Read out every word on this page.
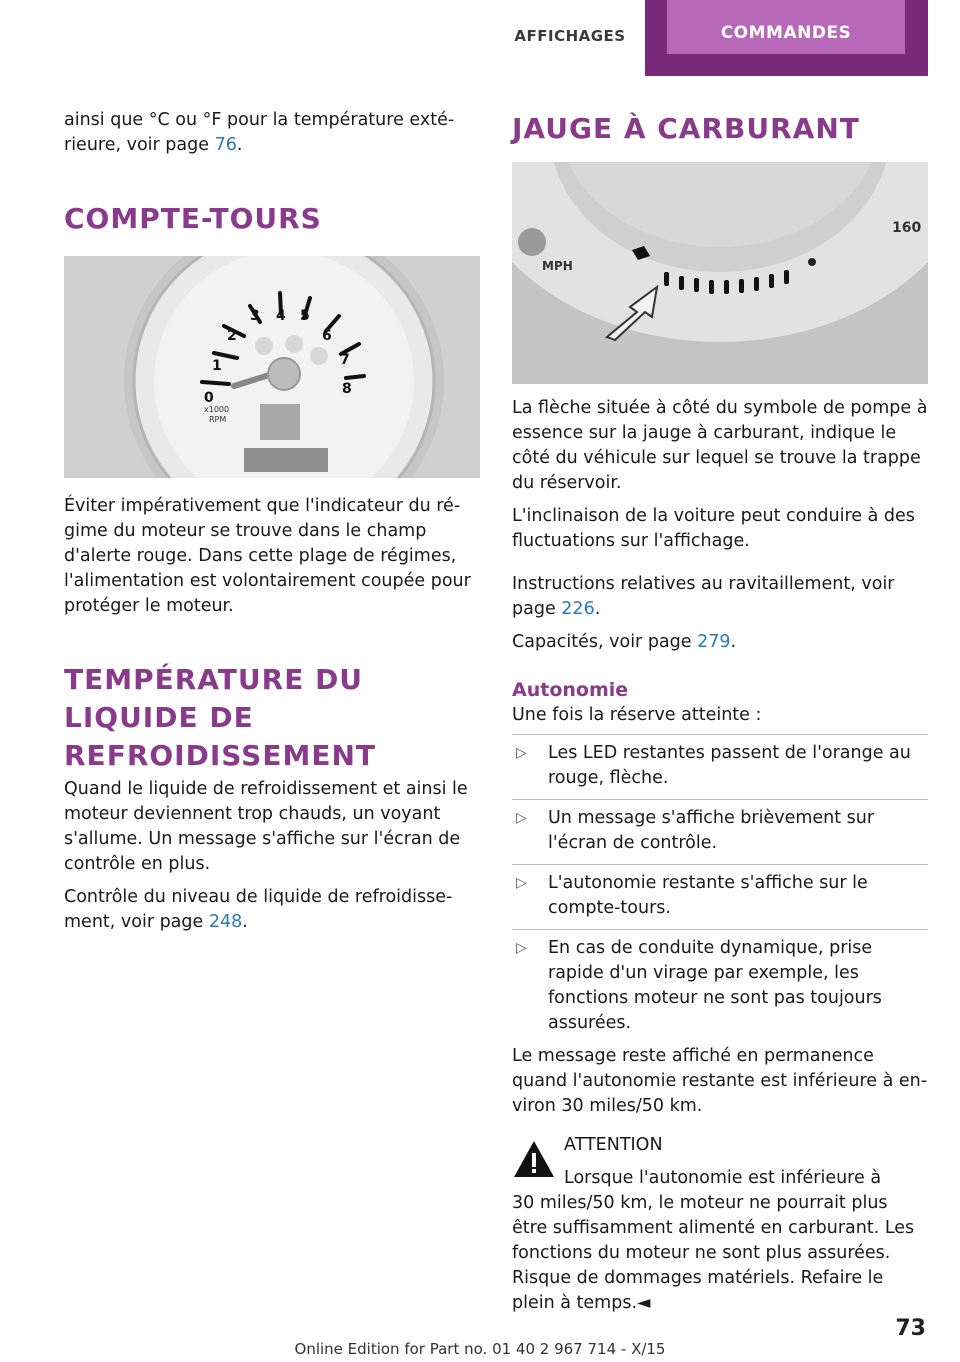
AFFICHAGES	COMMANDES

ainsi que °C ou °F pour la température extérieure, voir page 76.

COMPTE-TOURS
0
1
2
3 4 5
6
7
8
x1000
RPM

Éviter impérativement que l'indicateur du régime du moteur se trouve dans le champ d'alerte rouge. Dans cette plage de régimes, l'alimentation est volontairement coupée pour protéger le moteur.

TEMPÉRATURE DU LIQUIDE DE REFROIDISSEMENT

Quand le liquide de refroidissement et ainsi le moteur deviennent trop chauds, un voyant s'allume. Un message s'affiche sur l'écran de contrôle en plus.

Contrôle du niveau de liquide de refroidissement, voir page 248.

JAUGE À CARBURANT
MPH
160

La flèche située à côté du symbole de pompe à essence sur la jauge à carburant, indique le côté du véhicule sur lequel se trouve la trappe du réservoir.

L'inclinaison de la voiture peut conduire à des fluctuations sur l'affichage.

Instructions relatives au ravitaillement, voir page 226.

Capacités, voir page 279.

Autonomie

Une fois la réserve atteinte :

▷ Les LED restantes passent de l'orange au rouge, flèche.
▷ Un message s'affiche brièvement sur l'écran de contrôle.
▷ L'autonomie restante s'affiche sur le compte-tours.
▷ En cas de conduite dynamique, prise rapide d'un virage par exemple, les fonctions moteur ne sont pas toujours assurées.

Le message reste affiché en permanence quand l'autonomie restante est inférieure à environ 30 miles/50 km.

ATTENTION

Lorsque l'autonomie est inférieure à

30 miles/50 km, le moteur ne pourrait plus être suffisamment alimenté en carburant. Les fonctions du moteur ne sont plus assurées. Risque de dommages matériels. Refaire le plein à temps.◄

73
Online Edition for Part no. 01 40 2 967 714 - X/15
